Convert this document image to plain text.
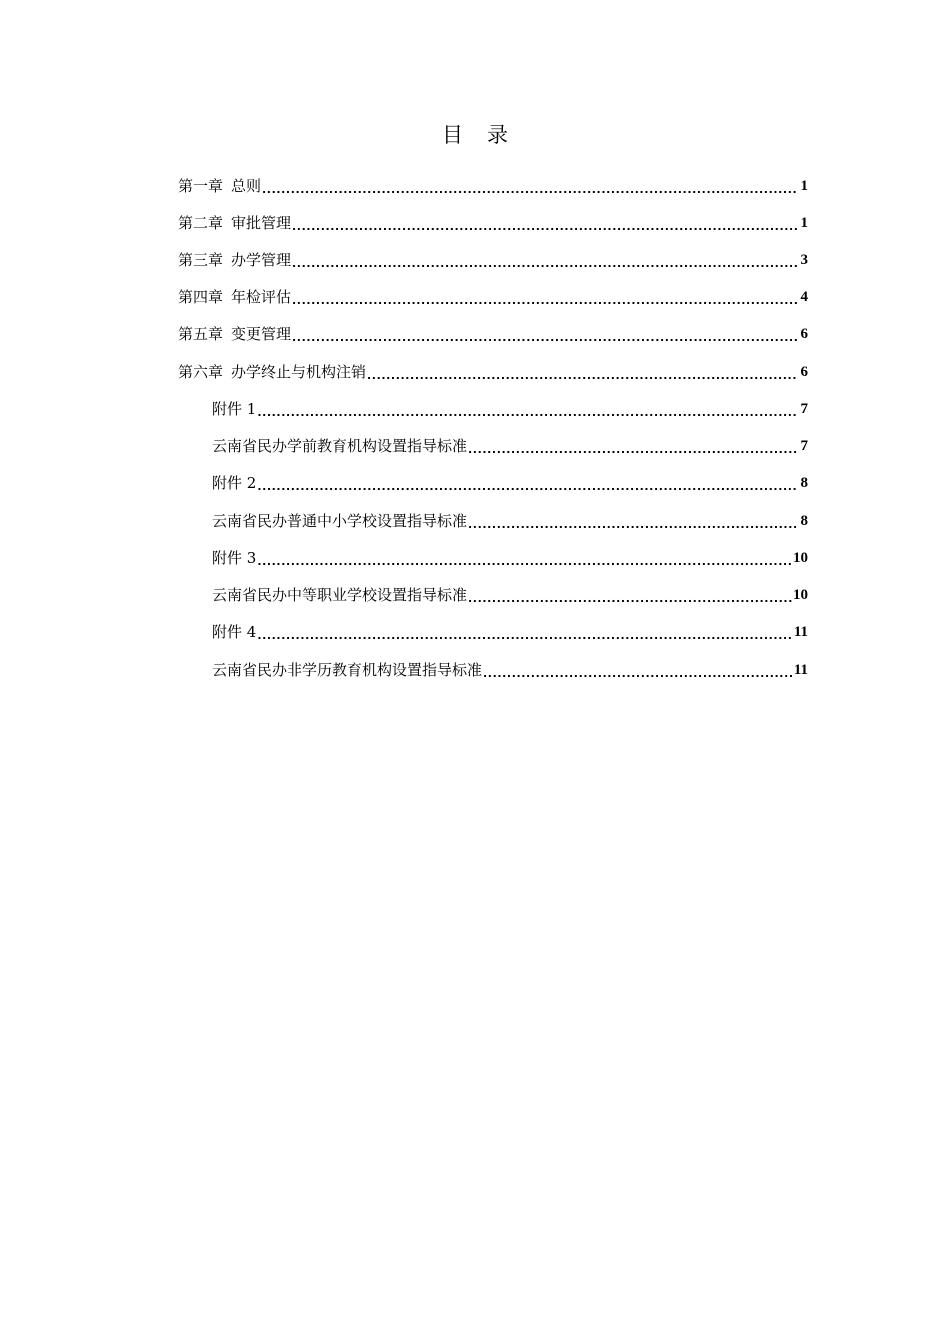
目 录
第一章 总则 .....	1
第二章 审批管理 .....	1
第三章 办学管理 .....	3
第四章 年检评估 .....	4
第五章 变更管理 .....	6
第六章 办学终止与机构注销 .....	6
附件 1 .....	7
云南省民办学前教育机构设置指导标准 .....	7
附件 2 .....	8
云南省民办普通中小学校设置指导标准 .....	8
附件 3 .....	10
云南省民办中等职业学校设置指导标准 .....	10
附件 4 .....	11
云南省民办非学历教育机构设置指导标准 .....	11
